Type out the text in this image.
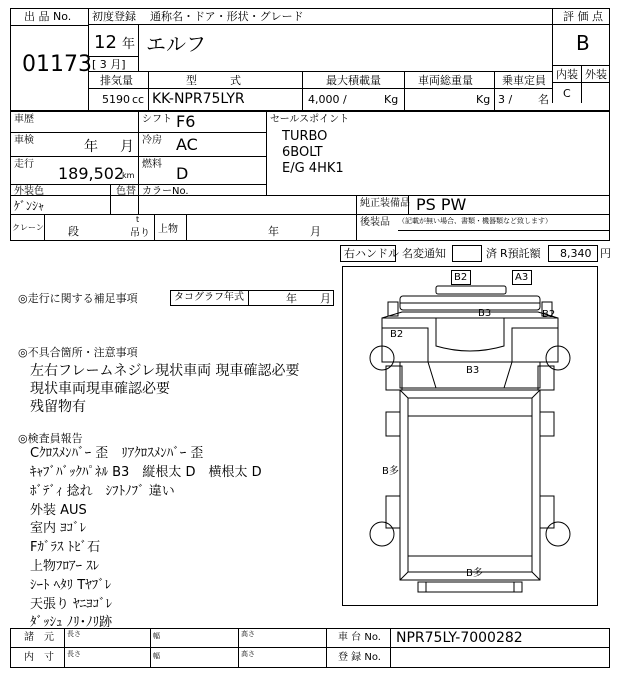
出 品 No.
01173
初度登録 通称名・ドア・形状・グレード
12 年
[ 3 月]
エルフ
評 価 点
B
内装 外装
C
排気量	型　　　式	最大積載量	車両総重量	乗車定員
5190 cc KK-NPR75LYR	4,000 /	Kg	Kg 3 / 名
車歴	シフト F6
車検	年 月 冷房 AC
走行 189,502
km
燃料 D
外装色
ｹﾞﾝｼｬ
色替 カラーNo.
セールスポイント
TURBO
6BOLT
E/G 4HK1
純正装備品 PS PW
後装品 （記載が無い場合、書類・機器類など致します）
クレーン 段
t
吊り 上物	年	月
右ハンドル 名変通知	済 R預託額 8,340 円
◎走行に関する補足事項	タコグラフ年式	年 月
◎不具合箇所・注意事項
左右フレームネジレ現状車両 現車確認必要
現状車両現車確認必要
残留物有
◎検査員報告
Cｸﾛｽﾒﾝﾊﾞｰ 歪　ﾘｱｸﾛｽﾒﾝﾊﾞｰ 歪
ｷｬﾌﾞﾊﾞｯｸﾊﾟﾈﾙ B3　縦根太 D　横根太 D
ﾎﾞﾃﾞｨ 捻れ　ｼﾌﾄﾉﾌﾞ 違い
外装 AUS
室内 ﾖｺﾞﾚ
Fｶﾞﾗｽ ﾄﾋﾞ石
上物ﾌﾛｱｰ ｽﾚ
ｼｰﾄ ﾍﾀﾘ Tﾔﾌﾞﾚ
天張り ﾔﾆﾖｺﾞﾚ
ﾀﾞｯｼｭ ﾉﾘ･ﾉﾘ跡
B2	A3
B3	B2
B2
B3
B多
B多
諸　元
内　寸
長さ	幅	高さ
長さ	幅	高さ
車 台 No. NPR75LY-7000282
登 録 No.
